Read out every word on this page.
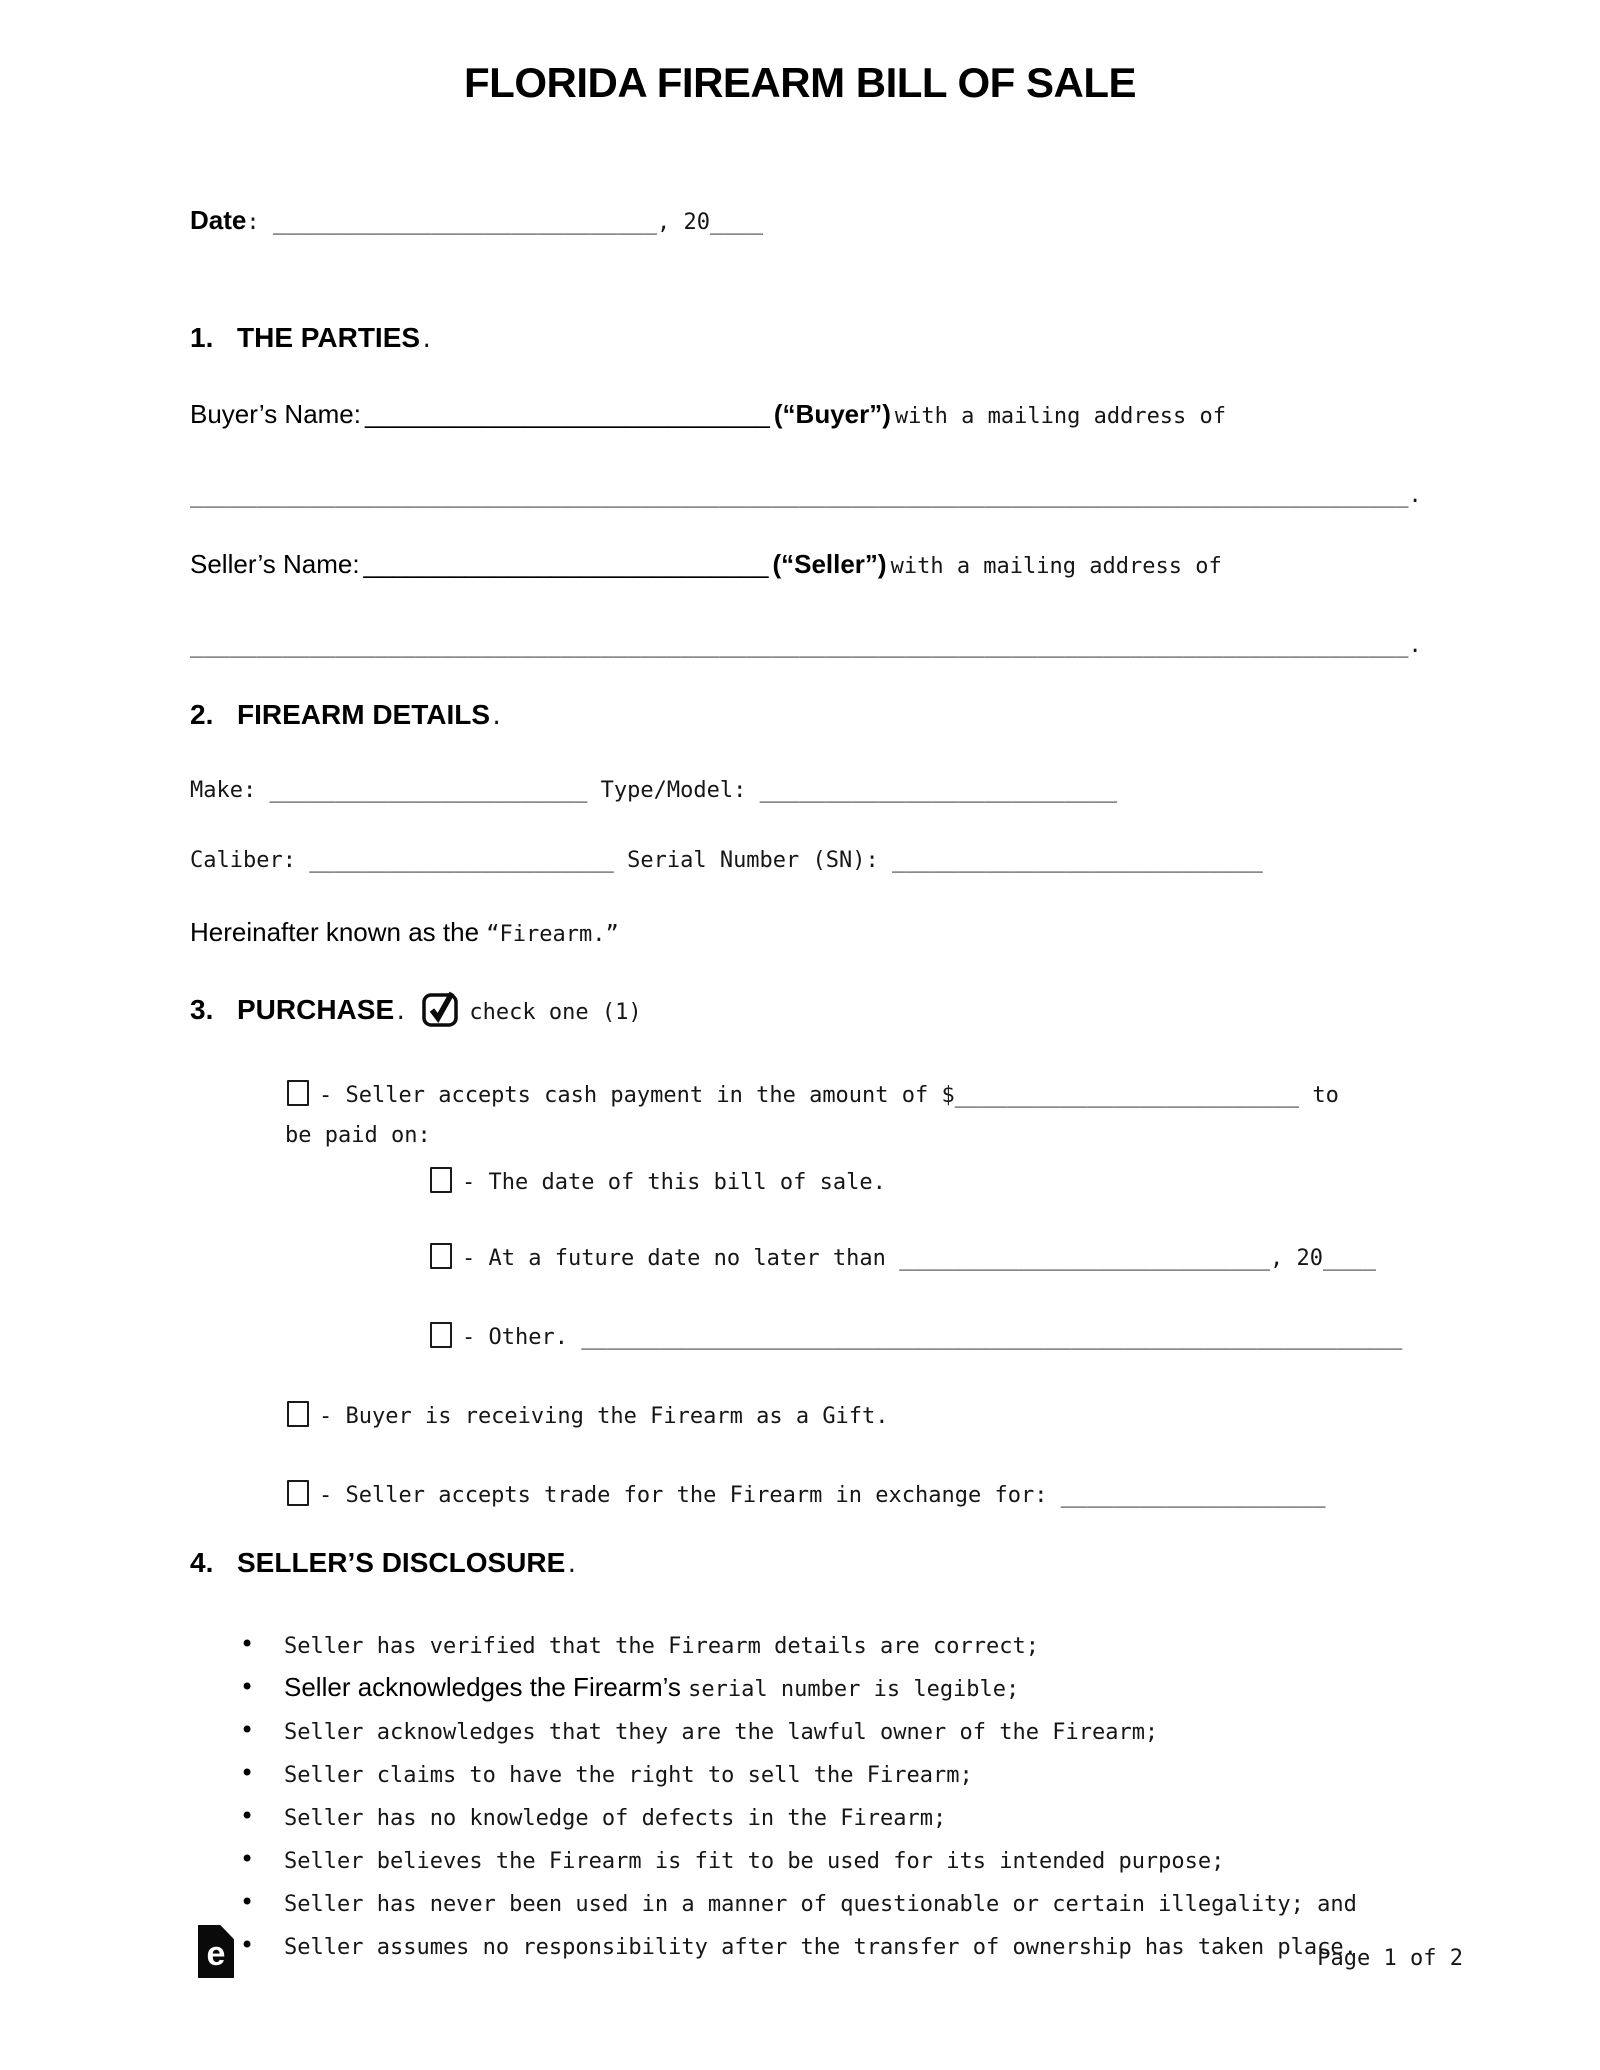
FLORIDA FIREARM BILL OF SALE
Date: _____________________________, 20____
1. THE PARTIES.
Buyer’s Name: ____________________________ (“Buyer”) with a mailing address of
____________________________________________________________________________________________.
Seller’s Name: ____________________________ (“Seller”) with a mailing address of
____________________________________________________________________________________________.
2. FIREARM DETAILS.
Make: ________________________ Type/Model: ___________________________
Caliber: _______________________ Serial Number (SN): ____________________________
Hereinafter known as the “Firearm.”
3. PURCHASE.	check one (1)
- Seller accepts cash payment in the amount of $__________________________ to
be paid on:
- The date of this bill of sale.
- At a future date no later than ____________________________, 20____
- Other. ______________________________________________________________
- Buyer is receiving the Firearm as a Gift.
- Seller accepts trade for the Firearm in exchange for: ____________________
4. SELLER’S DISCLOSURE.
• Seller has verified that the Firearm details are correct;
• Seller acknowledges the Firearm’s serial number is legible;
• Seller acknowledges that they are the lawful owner of the Firearm;
• Seller claims to have the right to sell the Firearm;
• Seller has no knowledge of defects in the Firearm;
• Seller believes the Firearm is fit to be used for its intended purpose;
• Seller has never been used in a manner of questionable or certain illegality; and
• Seller assumes no responsibility after the transfer of ownership has taken place.
e	Page 1 of 2
